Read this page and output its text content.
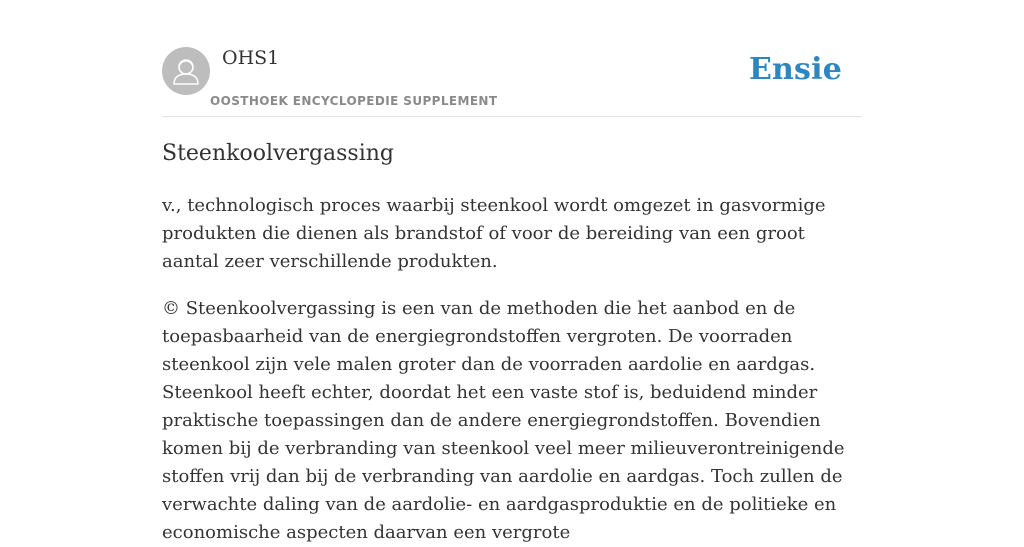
OHS1
OOSTHOEK ENCYCLOPEDIE SUPPLEMENT
Ensie
Steenkoolvergassing

v., technologisch proces waarbij steenkool wordt omgezet in gasvormige produkten die dienen als brandstof of voor de bereiding van een groot aantal zeer verschillende produkten.

© Steenkoolvergassing is een van de methoden die het aanbod en de toepasbaarheid van de energiegrondstoffen vergroten. De voorraden steenkool zijn vele malen groter dan de voorraden aardolie en aardgas. Steenkool heeft echter, doordat het een vaste stof is, beduidend minder praktische toepassingen dan de andere energiegrondstoffen. Bovendien komen bij de verbranding van steenkool veel meer milieuverontreinigende stoffen vrij dan bij de verbranding van aardolie en aardgas. Toch zullen de verwachte daling van de aardolie- en aardgasproduktie en de politieke en economische aspecten daarvan een vergrote
